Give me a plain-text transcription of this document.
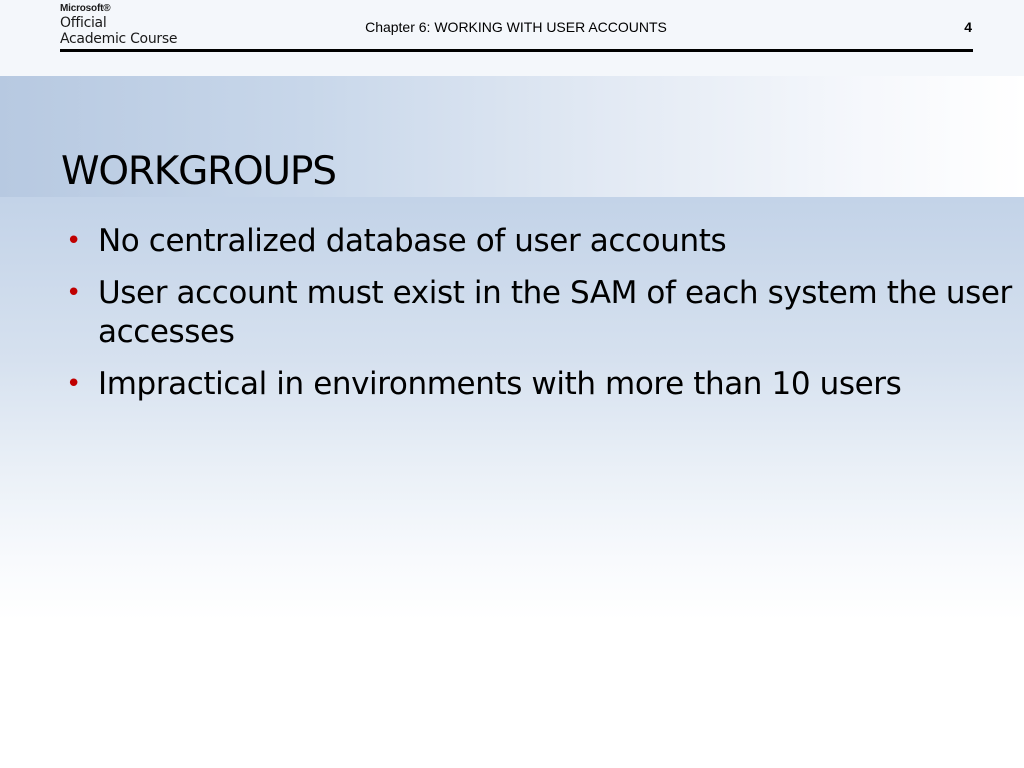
Microsoft®
Official
Academic Course
Chapter 6: WORKING WITH USER ACCOUNTS	4
WORKGROUPS
• No centralized database of user accounts
• User account must exist in the SAM of each system the user accesses
• Impractical in environments with more than 10 users
